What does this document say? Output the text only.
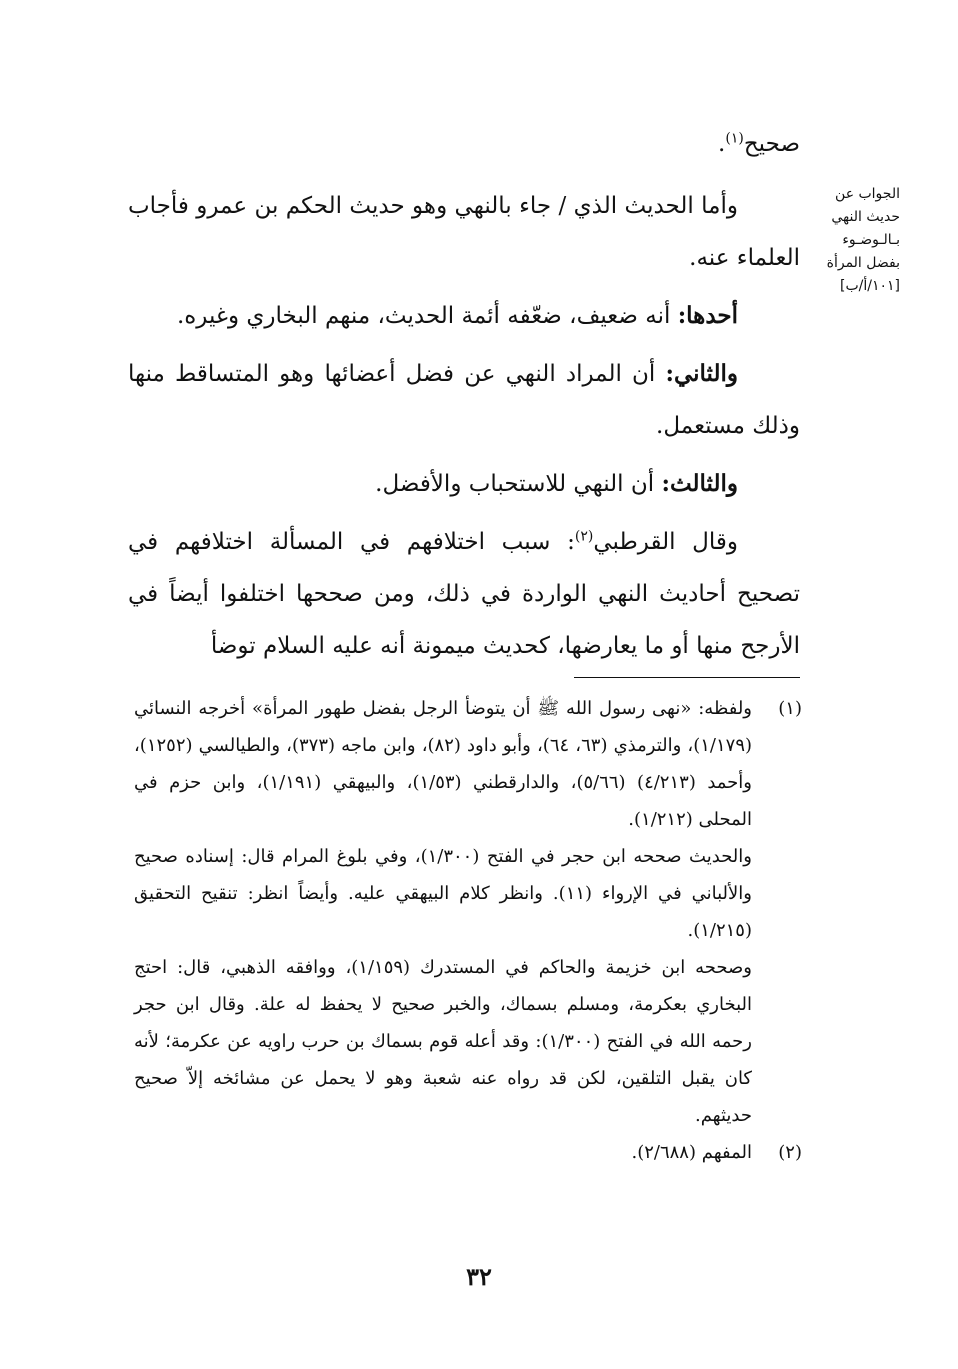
صحيح$^{(١)}$.

وأما الحديث الذي / جاء بالنهي وهو حديث الحكم بن عمرو فأجاب العلماء عنه.

أحدها: أنه ضعيف، ضعّفه أئمة الحديث، منهم البخاري وغيره.

والثاني: أن المراد النهي عن فضل أعضائها وهو المتساقط منها وذلك مستعمل.

والثالث: أن النهي للاستحباب والأفضل.

وقال القرطبي$^{(٢)}$: سبب اختلافهم في المسألة اختلافهم في تصحيح أحاديث النهي الواردة في ذلك، ومن صححها اختلفوا أيضاً في الأرجح منها أو ما يعارضها، كحديث ميمونة أنه عليه السلام توضأ

الجواب عن
حديث النهي
بـالـوضـوء
بفضل المرأة
[١٠١/أ/ب]
(١)

ولفظه: «نهى رسول الله ﷺ أن يتوضأ الرجل بفضل طهور المرأة» أخرجه النسائي (١/١٧٩)، والترمذي (٦٣، ٦٤)، وأبو داود (٨٢)، وابن ماجه (٣٧٣)، والطيالسي (١٢٥٢)، وأحمد (٤/٢١٣) (٥/٦٦)، والدارقطني (١/٥٣)، والبيهقي (١/١٩١)، وابن حزم في المحلى (١/٢١٢).

والحديث صححه ابن حجر في الفتح (١/٣٠٠)، وفي بلوغ المرام قال: إسناده صحيح والألباني في الإرواء (١١). وانظر كلام البيهقي عليه. وأيضاً انظر: تنقيح التحقيق (١/٢١٥).

وصححه ابن خزيمة والحاكم في المستدرك (١/١٥٩)، ووافقه الذهبي، قال: احتج البخاري بعكرمة، ومسلم بسماك، والخبر صحيح لا يحفظ له علة. وقال ابن حجر رحمه الله في الفتح (١/٣٠٠): وقد أعله قوم بسماك بن حرب راويه عن عكرمة؛ لأنه كان يقبل التلقين، لكن قد رواه عنه شعبة وهو لا يحمل عن مشائخه إلاّ صحيح حديثهم.

(٢)

المفهم (٢/٦٨٨).

٣٢
